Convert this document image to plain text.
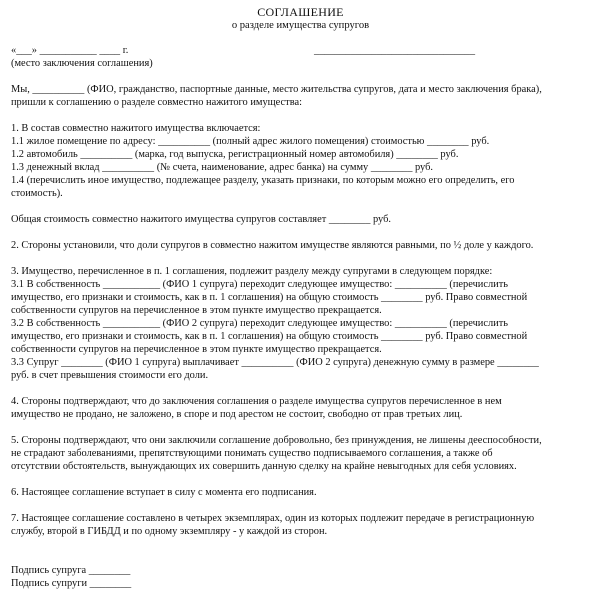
СОГЛАШЕНИЕ
о разделе имущества супругов
«___» ___________ ____ г.	_______________________________

(место заключения соглашения)

Мы, __________ (ФИО, гражданство, паспортные данные, место жительства супругов, дата и место заключения брака),

пришли к соглашению о разделе совместно нажитого имущества:

1. В состав совместно нажитого имущества включается:

1.1 жилое помещение по адресу: __________ (полный адрес жилого помещения) стоимостью ________ руб.

1.2 автомобиль __________ (марка, год выпуска, регистрационный номер автомобиля) ________ руб.

1.3 денежный вклад __________ (№ счета, наименование, адрес банка) на сумму ________ руб.

1.4 (перечислить иное имущество, подлежащее разделу, указать признаки, по которым можно его определить, его

стоимость).

Общая стоимость совместно нажитого имущества супругов составляет ________ руб.

2. Стороны установили, что доли супругов в совместно нажитом имуществе являются равными, по ½ доле у каждого.

3. Имущество, перечисленное в п. 1 соглашения, подлежит разделу между супругами в следующем порядке:

3.1 В собственность ___________ (ФИО 1 супруга) переходит следующее имущество: __________ (перечислить

имущество, его признаки и стоимость, как в п. 1 соглашения) на общую стоимость ________ руб. Право совместной

собственности супругов на перечисленное в этом пункте имущество прекращается.

3.2 В собственность ___________ (ФИО 2 супруга) переходит следующее имущество: __________ (перечислить

имущество, его признаки и стоимость, как в п. 1 соглашения) на общую стоимость ________ руб. Право совместной

собственности супругов на перечисленное в этом пункте имущество прекращается.

3.3 Супруг ________ (ФИО 1 супруга) выплачивает __________ (ФИО 2 супруга) денежную сумму в размере ________

руб. в счет превышения стоимости его доли.

4. Стороны подтверждают, что до заключения соглашения о разделе имущества супругов перечисленное в нем

имущество не продано, не заложено, в споре и под арестом не состоит, свободно от прав третьих лиц.

5. Стороны подтверждают, что они заключили соглашение добровольно, без принуждения, не лишены дееспособности,

не страдают заболеваниями, препятствующими понимать существо подписываемого соглашения, а также об

отсутствии обстоятельств, вынуждающих их совершить данную сделку на крайне невыгодных для себя условиях.

6. Настоящее соглашение вступает в силу с момента его подписания.

7. Настоящее соглашение составлено в четырех экземплярах, один из которых подлежит передаче в регистрационную

службу, второй в ГИБДД и по одному экземпляру - у каждой из сторон.

Подпись супруга ________

Подпись супруги ________
